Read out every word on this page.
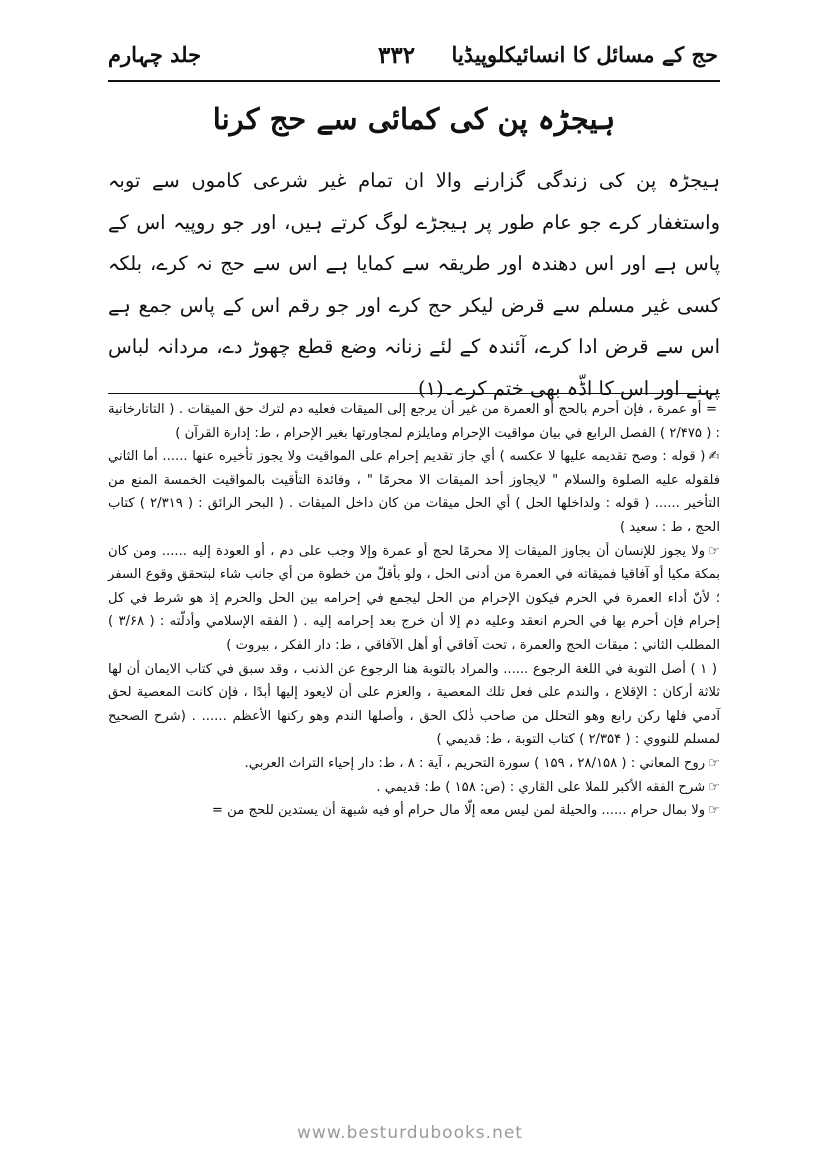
حج کے مسائل کا انسائیکلوپیڈیا
۳۳۲
جلد چہارم
ہیجڑہ پن کی کمائی سے حج کرنا
ہیجڑہ پن کی زندگی گزارنے والا ان تمام غیر شرعی کاموں سے توبہ واستغفار کرے جو عام طور پر ہیجڑے لوگ کرتے ہیں، اور جو روپیہ اس کے پاس ہے اور اس دھندہ اور طریقہ سے کمایا ہے اس سے حج نہ کرے، بلکہ کسی غیر مسلم سے قرض لیکر حج کرے اور جو رقم اس کے پاس جمع ہے اس سے قرض ادا کرے، آئندہ کے لئے زنانہ وضع قطع چھوڑ دے، مردانہ لباس پہنے اور اس کا اڈّہ بھی ختم کرے۔(۱)

= أو عمرة ، فإن أحرم بالحج أو العمرة من غير أن يرجع إلى الميقات فعليه دم لترك حق الميقات . ( التاتارخانية : ( ۲/۴۷۵ ) الفصل الرابع في بيان مواقيت الإحرام ومايلزم لمجاورتها بغير الإحرام ، ط: إدارة القرآن )

✍( قوله : وصح تقديمه عليها لا عكسه ) أي جاز تقديم إحرام على المواقيت ولا يجوز تأخيره عنها ...... أما الثاني فلقوله عليه الصلوة والسلام " لايجاوز أحد الميقات الا محرمًا " ، وفائدة التأقيت بالمواقيت الخمسة المنع من التأخير ...... ( قوله : ولداخلها الحل ) أي الحل ميقات من كان داخل الميقات . ( البحر الرائق : ( ۲/۳۱۹ ) كتاب الحج ، ط : سعيد )

☞ولا يجوز للإنسان أن يجاوز الميقات إلا محرمًا لحج أو عمرة وإلا وجب على دم ، أو العودة إليه ...... ومن كان بمكة مكيا أو آفاقيا فميقاته في العمرة من أدنى الحل ، ولو بأقلّ من خطوة من أي جانب شاء لبتحقق وقوع السفر ؛ لأنّ أداء العمرة في الحرم فيكون الإحرام من الحل ليجمع في إحرامه بين الحل والحرم إذ هو شرط في كل إحرام فإن أحرم بها في الحرم انعقد وعليه دم إلا أن خرج بعد إحرامه إليه . ( الفقه الإسلامي وأدلّته : ( ۳/۶۸ ) المطلب الثاني : ميقات الحج والعمرة ، تحت آفاقي أو أهل الآفاقي ، ط: دار الفكر ، بيروت )

( ۱ ) أصل التوبة في اللغة الرجوع ...... والمراد بالتوبة هنا الرجوع عن الذنب ، وقد سبق في كتاب الايمان أن لها ثلاثة أركان : الإقلاع ، والندم على فعل تلك المعصية ، والعزم على أن لايعود إليها أبدًا ، فإن كانت المعصية لحق آدمي فلها ركن رابع وهو التحلل من صاحب ذٰلک الحق ، وأصلها الندم وهو ركنها الأعظم ...... . (شرح الصحيح لمسلم للنووي : ( ۲/۳۵۴ ) كتاب التوبة ، ط: قديمي )

☞روح المعاني : ( ۲۸/۱۵۸ ، ۱۵۹ ) سورة التحريم ، آية : ۸ ، ط: دار إحياء التراث العربي.

☞شرح الفقه الأكبر للملا على القاري : (ص: ۱۵۸ ) ط: قديمي .

☞ولا بمال حرام ...... والحيلة لمن ليس معه إلّا مال حرام أو فيه شبهة أن يستدين للحج من =

www.besturdubooks.net
